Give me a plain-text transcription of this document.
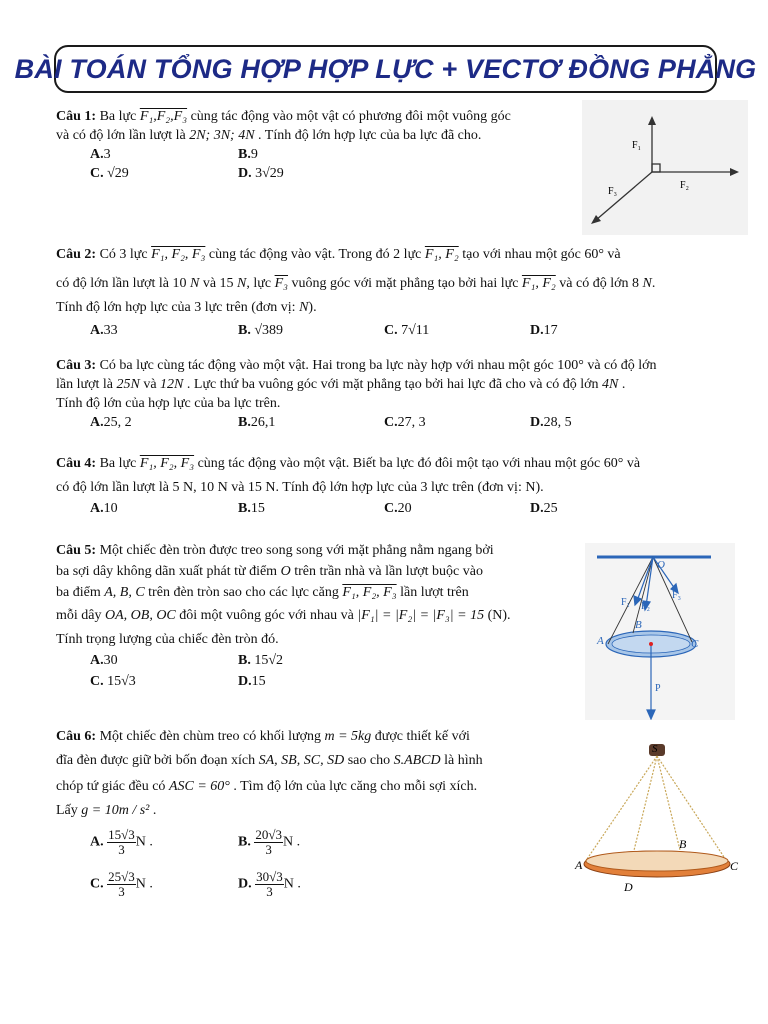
BÀI TOÁN TỔNG HỢP HỢP LỰC + VECTƠ ĐỒNG PHẲNG

Câu 1: Ba lực F₁,F₂,F₃ cùng tác động vào một vật có phương đôi một vuông góc

và có độ lớn lần lượt là 2N; 3N; 4N . Tính độ lớn hợp lực của ba lực đã cho.

A.3	B.9
C. √29	D. 3√29
F₁
F₂
F₃

Câu 2: Có 3 lực F₁, F₂, F₃ cùng tác động vào vật. Trong đó 2 lực F₁, F₂ tạo với nhau một góc 60° và

có độ lớn lần lượt là 10 N và 15 N, lực F₃ vuông góc với mặt phẳng tạo bởi hai lực F₁, F₂ và có độ lớn 8 N.

Tính độ lớn hợp lực của 3 lực trên (đơn vị: N).

A.33	B. √389	C. 7√11	D.17

Câu 3: Có ba lực cùng tác động vào một vật. Hai trong ba lực này hợp với nhau một góc 100° và có độ lớn

lần lượt là 25N và 12N . Lực thứ ba vuông góc với mặt phẳng tạo bởi hai lực đã cho và có độ lớn 4N .

Tính độ lớn của hợp lực của ba lực trên.

A.25, 2	B.26,1	C.27, 3	D.28, 5

Câu 4: Ba lực F₁, F₂, F₃ cùng tác động vào một vật. Biết ba lực đó đôi một tạo với nhau một góc 60° và

có độ lớn lần lượt là 5 N, 10 N và 15 N. Tính độ lớn hợp lực của 3 lực trên (đơn vị: N).

A.10	B.15	C.20	D.25

Câu 5: Một chiếc đèn tròn được treo song song với mặt phẳng nằm ngang bởi

ba sợi dây không dãn xuất phát từ điểm O trên trần nhà và lần lượt buộc vào

ba điểm A, B, C trên đèn tròn sao cho các lực căng F₁, F₂, F₃ lần lượt trên

mỗi dây OA, OB, OC đôi một vuông góc với nhau và |F₁| = |F₂| = |F₃| = 15 (N).

Tính trọng lượng của chiếc đèn tròn đó.

A.30	B. 15√2
C. 15√3	D.15
O
A
B
C
F₁ F₂
F₃
P

Câu 6: Một chiếc đèn chùm treo có khối lượng m = 5kg được thiết kế với

đĩa đèn được giữ bởi bốn đoạn xích SA, SB, SC, SD sao cho S.ABCD là hình

chóp tứ giác đều có ASC = 60° . Tìm độ lớn của lực căng cho mỗi sợi xích.

Lấy g = 10m / s² .

A. $\frac{15√3}{3}$ N .	B. $\frac{20√3}{3}$ N .
C. $\frac{25√3}{3}$ N .	D. $\frac{30√3}{3}$ N .
S
A
B
C
D
